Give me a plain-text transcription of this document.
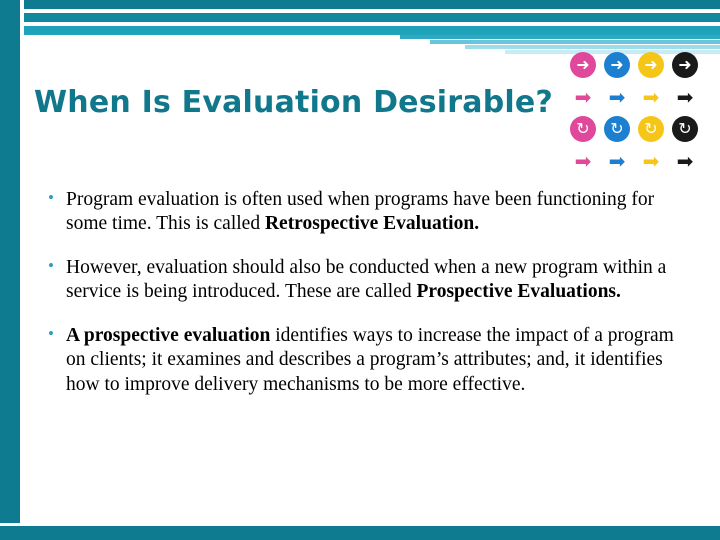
When Is Evaluation Desirable?
➜	➜	➜	➜
➡ ➡ ➡ ➡
↻	↻	↻	↻
➡ ➡ ➡ ➡

• Program evaluation is often used when programs have been functioning for some time. This is called Retrospective Evaluation.

• However, evaluation should also be conducted when a new program within a service is being introduced. These are called Prospective Evaluations.

• A prospective evaluation identifies ways to increase the impact of a program on clients; it examines and describes a program’s attributes; and, it identifies how to improve delivery mechanisms to be more effective.
